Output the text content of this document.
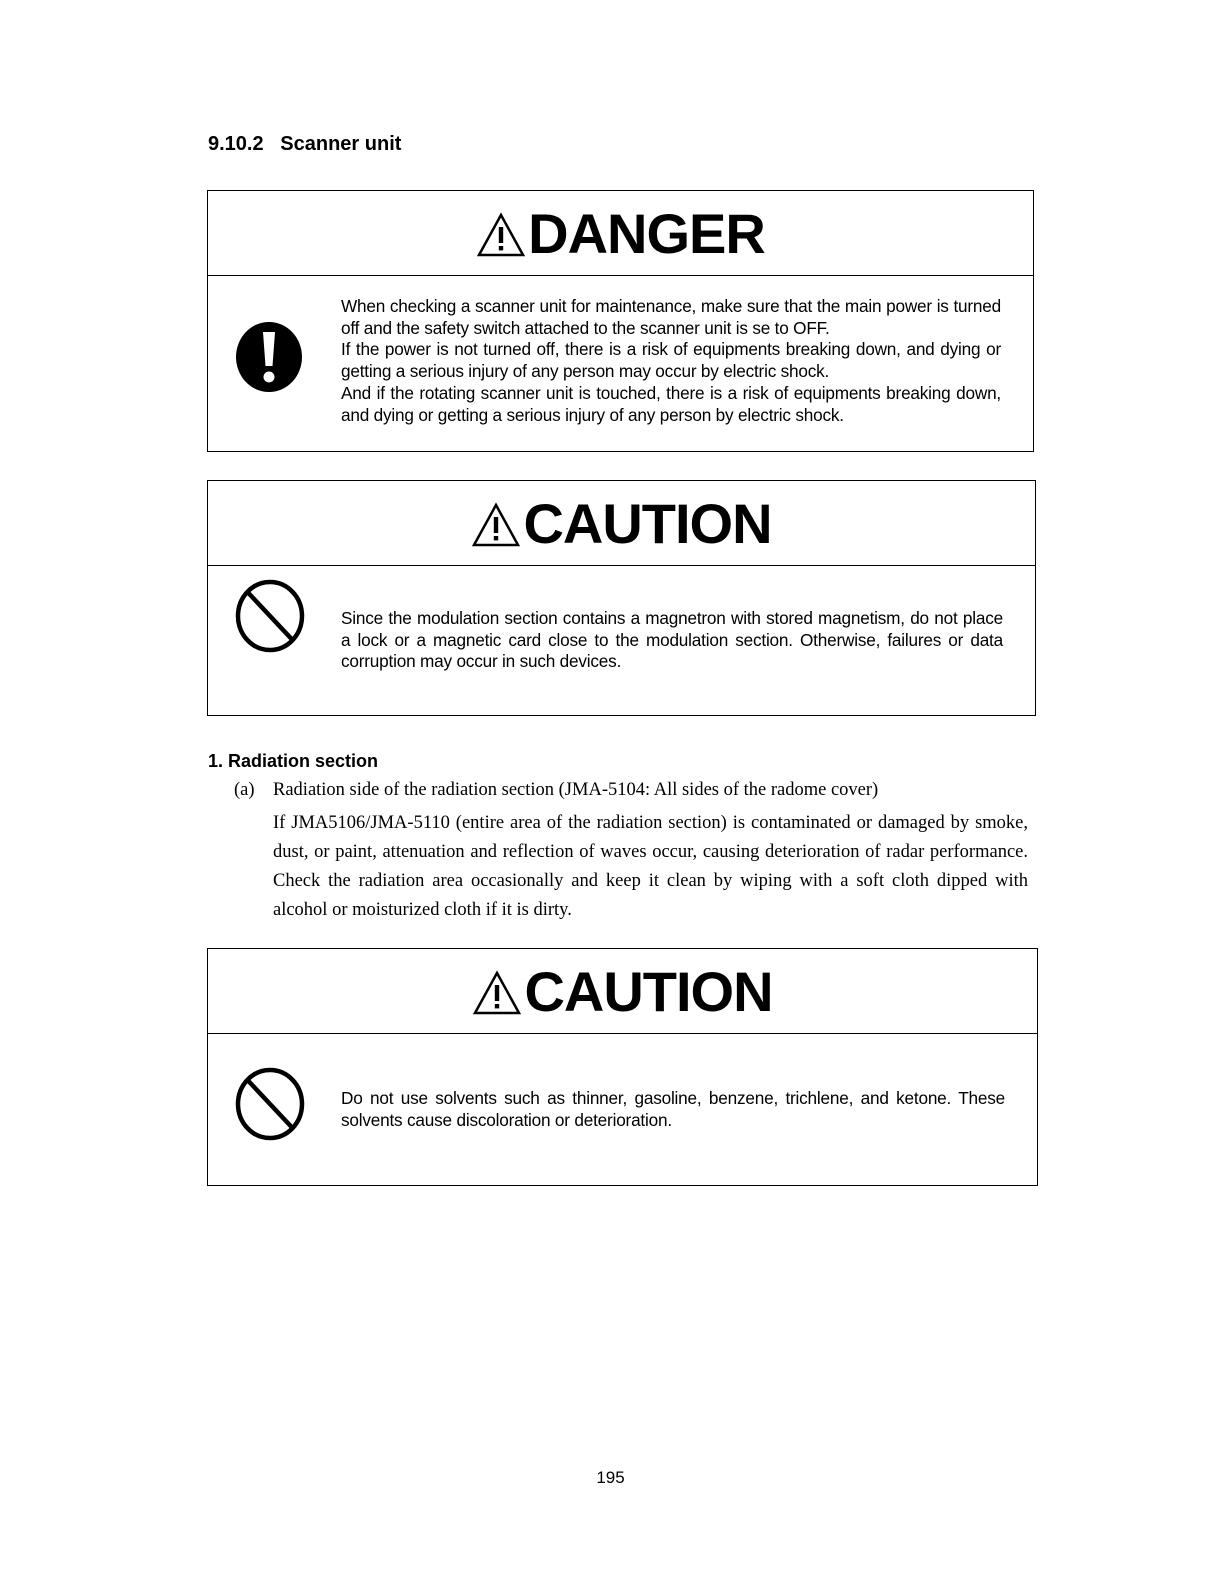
9.10.2   Scanner unit
DANGER

When checking a scanner unit for maintenance, make sure that the main power is turned off and the safety switch attached to the scanner unit is se to OFF.

If the power is not turned off, there is a risk of equipments breaking down, and dying or getting a serious injury of any person may occur by electric shock.

And if the rotating scanner unit is touched, there is a risk of equipments breaking down, and dying or getting a serious injury of any person by electric shock.

CAUTION

Since the modulation section contains a magnetron with stored magnetism, do not place a lock or a magnetic card close to the modulation section. Otherwise, failures or data corruption may occur in such devices.

1. Radiation section
(a) Radiation side of the radiation section (JMA-5104: All sides of the radome cover)

If JMA5106/JMA-5110 (entire area of the radiation section) is contaminated or damaged by smoke, dust, or paint, attenuation and reflection of waves occur, causing deterioration of radar performance. Check the radiation area occasionally and keep it clean by wiping with a soft cloth dipped with alcohol or moisturized cloth if it is dirty.

CAUTION

Do not use solvents such as thinner, gasoline, benzene, trichlene, and ketone. These solvents cause discoloration or deterioration.

195
